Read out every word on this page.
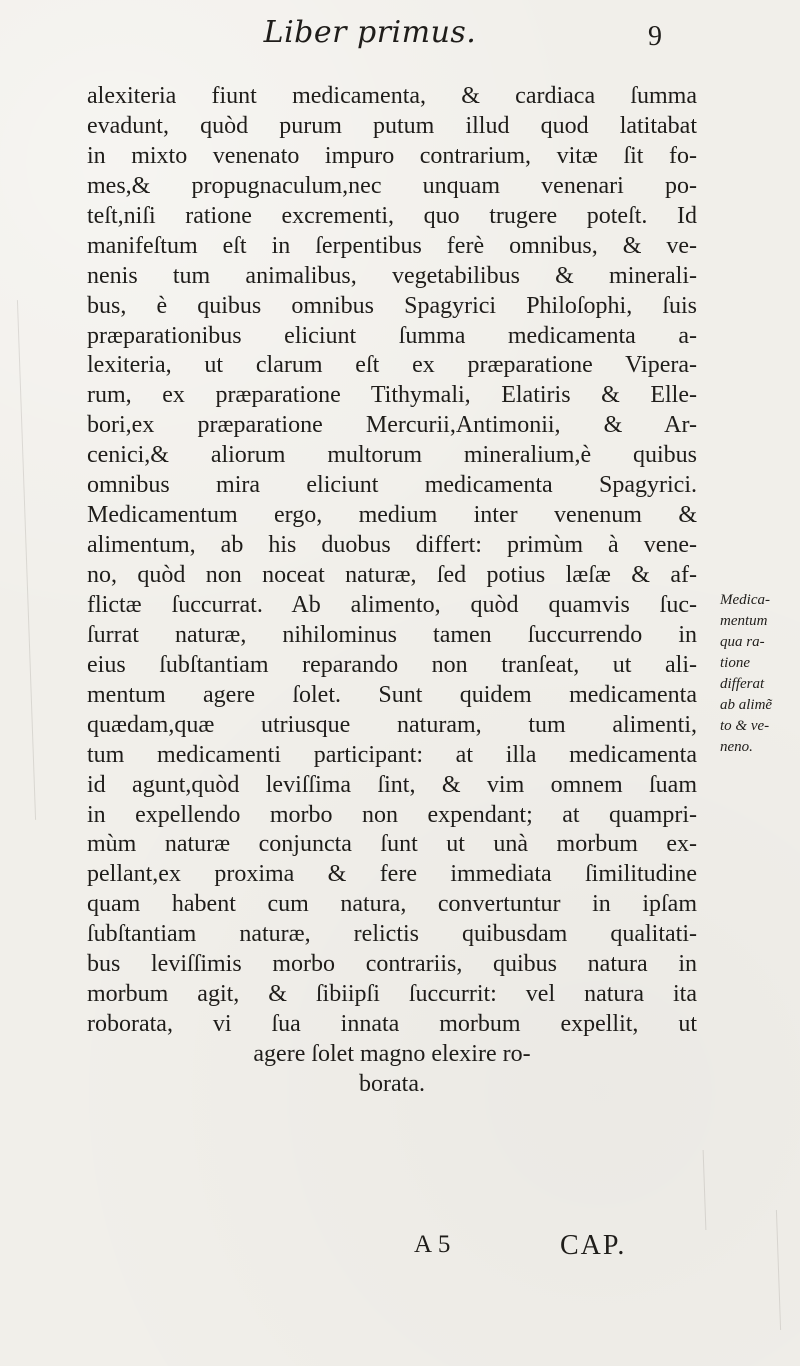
Liber primus.	9
alexiteria fiunt medicamenta, & cardiaca ſumma
evadunt, quòd purum putum illud quod latitabat
in mixto venenato impuro contrarium, vitæ ſit fo-
mes,& propugnaculum,nec unquam venenari po-
teſt,niſi ratione excrementi, quo trugere poteſt. Id
manifeſtum eſt in ſerpentibus ferè omnibus, & ve-
nenis tum animalibus, vegetabilibus & minerali-
bus, è quibus omnibus Spagyrici Philoſophi, ſuis
præparationibus eliciunt ſumma medicamenta a-
lexiteria, ut clarum eſt ex præparatione Vipera-
rum, ex præparatione Tithymali, Elatiris & Elle-
bori,ex præparatione Mercurii,Antimonii, & Ar-
cenici,& aliorum multorum mineralium,è quibus
omnibus mira eliciunt medicamenta Spagyrici.
Medicamentum ergo, medium inter venenum &
alimentum, ab his duobus differt: primùm à vene-
no, quòd non noceat naturæ, ſed potius læſæ & af-
flictæ ſuccurrat. Ab alimento, quòd quamvis ſuc-
ſurrat naturæ, nihilominus tamen ſuccurrendo in
eius ſubſtantiam reparando non tranſeat, ut ali-
mentum agere ſolet. Sunt quidem medicamenta
quædam,quæ utriusque naturam, tum alimenti,
tum medicamenti participant: at illa medicamenta
id agunt,quòd leviſſima ſint, & vim omnem ſuam
in expellendo morbo non expendant; at quampri-
mùm naturæ conjuncta ſunt ut unà morbum ex-
pellant,ex proxima & fere immediata ſimilitudine
quam habent cum natura, convertuntur in ipſam
ſubſtantiam naturæ, relictis quibusdam qualitati-
bus leviſſimis morbo contrariis, quibus natura in
morbum agit, & ſibiipſi ſuccurrit: vel natura ita
roborata, vi ſua innata morbum expellit, ut
agere ſolet magno elexire ro-
borata.
Medica-
mentum
qua ra-
tione
differat
ab alimẽ
to & ve-
neno.
A 5	CAP.
